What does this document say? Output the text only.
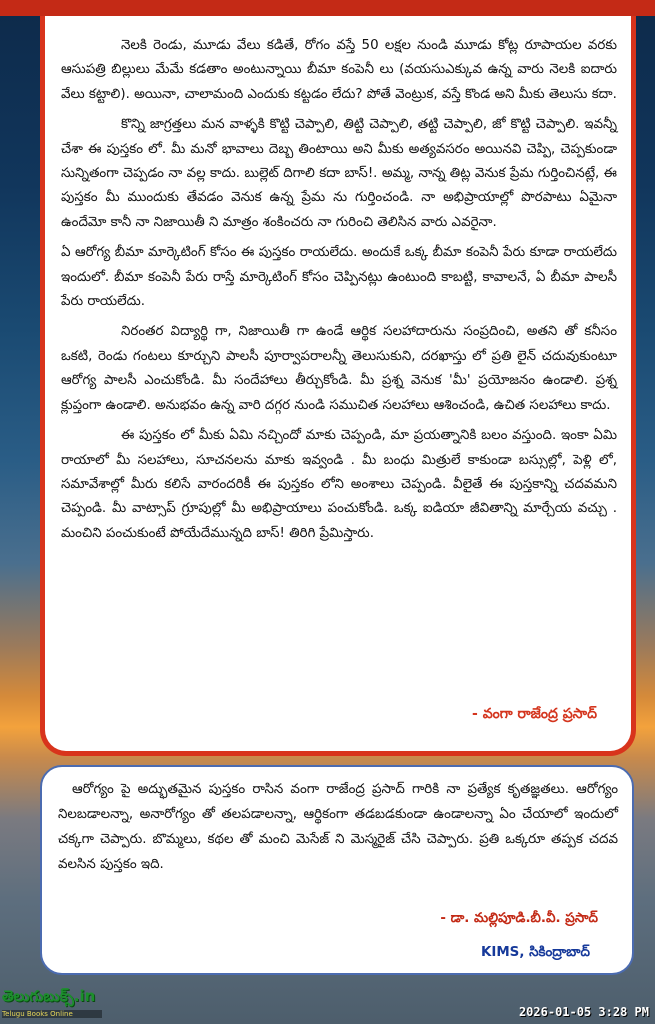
నెలకి రెండు, మూడు వేలు కడితే, రోగం వస్తే 50 లక్షల నుండి మూడు కోట్ల రూపాయల వరకు ఆసుపత్రి బిల్లులు మేమే కడతాం అంటున్నాయి బీమా కంపెనీ లు (వయసుఎక్కువ ఉన్న వారు నెలకి ఐదారు వేలు కట్టాలి). అయినా, చాలామంది ఎందుకు కట్టడం లేదు? పోతే వెంట్రుక, వస్తే కొండ అని మీకు తెలుసు కదా.

కొన్ని జాగ్రత్తలు మన వాళ్ళకి కొట్టి చెప్పాలి, తిట్టి చెప్పాలి, తట్టి చెప్పాలి, జో కొట్టి చెప్పాలి. ఇవన్నీ చేశా ఈ పుస్తకం లో. మీ మనో భావాలు దెబ్బ తింటాయి అని మీకు అత్యవసరం అయినవి చెప్పి, చెప్పకుండా సున్నితంగా చెప్పడం నా వల్ల కాదు. బుల్లెట్ దిగాలి కదా బాస్!. అమ్మ, నాన్న తిట్ల వెనుక ప్రేమ గుర్తించినట్లే, ఈ పుస్తకం మీ ముందుకు తేవడం వెనుక ఉన్న ప్రేమ ను గుర్తించండి. నా అభిప్రాయాల్లో పొరపాటు ఏమైనా ఉందేమో కానీ నా నిజాయితీ ని మాత్రం శంకించరు నా గురించి తెలిసిన వారు ఎవరైనా.

ఏ ఆరోగ్య బీమా మార్కెటింగ్ కోసం ఈ పుస్తకం రాయలేదు. అందుకే ఒక్క బీమా కంపెనీ పేరు కూడా రాయలేదు ఇందులో. బీమా కంపెనీ పేరు రాస్తే మార్కెటింగ్ కోసం చెప్పినట్లు ఉంటుంది కాబట్టి, కావాలనే, ఏ బీమా పాలసీ పేరు రాయలేదు.

నిరంతర విద్యార్థి గా, నిజాయితీ గా ఉండే ఆర్థిక సలహాదారును సంప్రదించి, అతని తో కనీసం ఒకటి, రెండు గంటలు కూర్చుని పాలసీ పూర్వాపరాలన్నీ తెలుసుకుని, దరఖాస్తు లో ప్రతి లైన్ చదువుకుంటూ ఆరోగ్య పాలసీ ఎంచుకోండి. మీ సందేహాలు తీర్చుకోండి. మీ ప్రశ్న వెనుక 'మీ' ప్రయోజనం ఉండాలి. ప్రశ్న క్లుప్తంగా ఉండాలి. అనుభవం ఉన్న వారి దగ్గర నుండి సముచిత సలహాలు ఆశించండి, ఉచిత సలహాలు కాదు.

ఈ పుస్తకం లో మీకు ఏమి నచ్చిందో మాకు చెప్పండి, మా ప్రయత్నానికి బలం వస్తుంది. ఇంకా ఏమి రాయాలో మీ సలహాలు, సూచనలను మాకు ఇవ్వండి . మీ బంధు మిత్రులే కాకుండా బస్సుల్లో, పెళ్లి లో, సమావేశాల్లో మీరు కలిసే వారందరికీ ఈ పుస్తకం లోని అంశాలు చెప్పండి. వీలైతే ఈ పుస్తకాన్ని చదవమని చెప్పండి. మీ వాట్సాప్ గ్రూపుల్లో మీ అభిప్రాయాలు పంచుకోండి. ఒక్క ఐడియా జీవితాన్ని మార్చేయ వచ్చు . మంచిని పంచుకుంటే పోయేదేమున్నది బాస్! తిరిగి ప్రేమిస్తారు.

- వంగా రాజేంద్ర ప్రసాద్

ఆరోగ్యం పై అద్భుతమైన పుస్తకం రాసిన వంగా రాజేంద్ర ప్రసాద్ గారికి నా ప్రత్యేక కృతజ్ఞతలు. ఆరోగ్యం నిలబడాలన్నా, అనారోగ్యం తో తలపడాలన్నా, ఆర్థికంగా తడబడకుండా ఉండాలన్నా ఏం చేయాలో ఇందులో చక్కగా చెప్పారు. బొమ్మలు, కథల తో మంచి మెసేజ్ ని మెస్మరైజ్ చేసి చెప్పారు. ప్రతి ఒక్కరూ తప్పక చదవ వలసిన పుస్తకం ఇది.

- డా. మల్లిపూడి.బీ.వీ. ప్రసాద్
KIMS, సికింద్రాబాద్
తెలుగుబుక్స్.in
Telugu Books Online	2026-01-05 3:28 PM
